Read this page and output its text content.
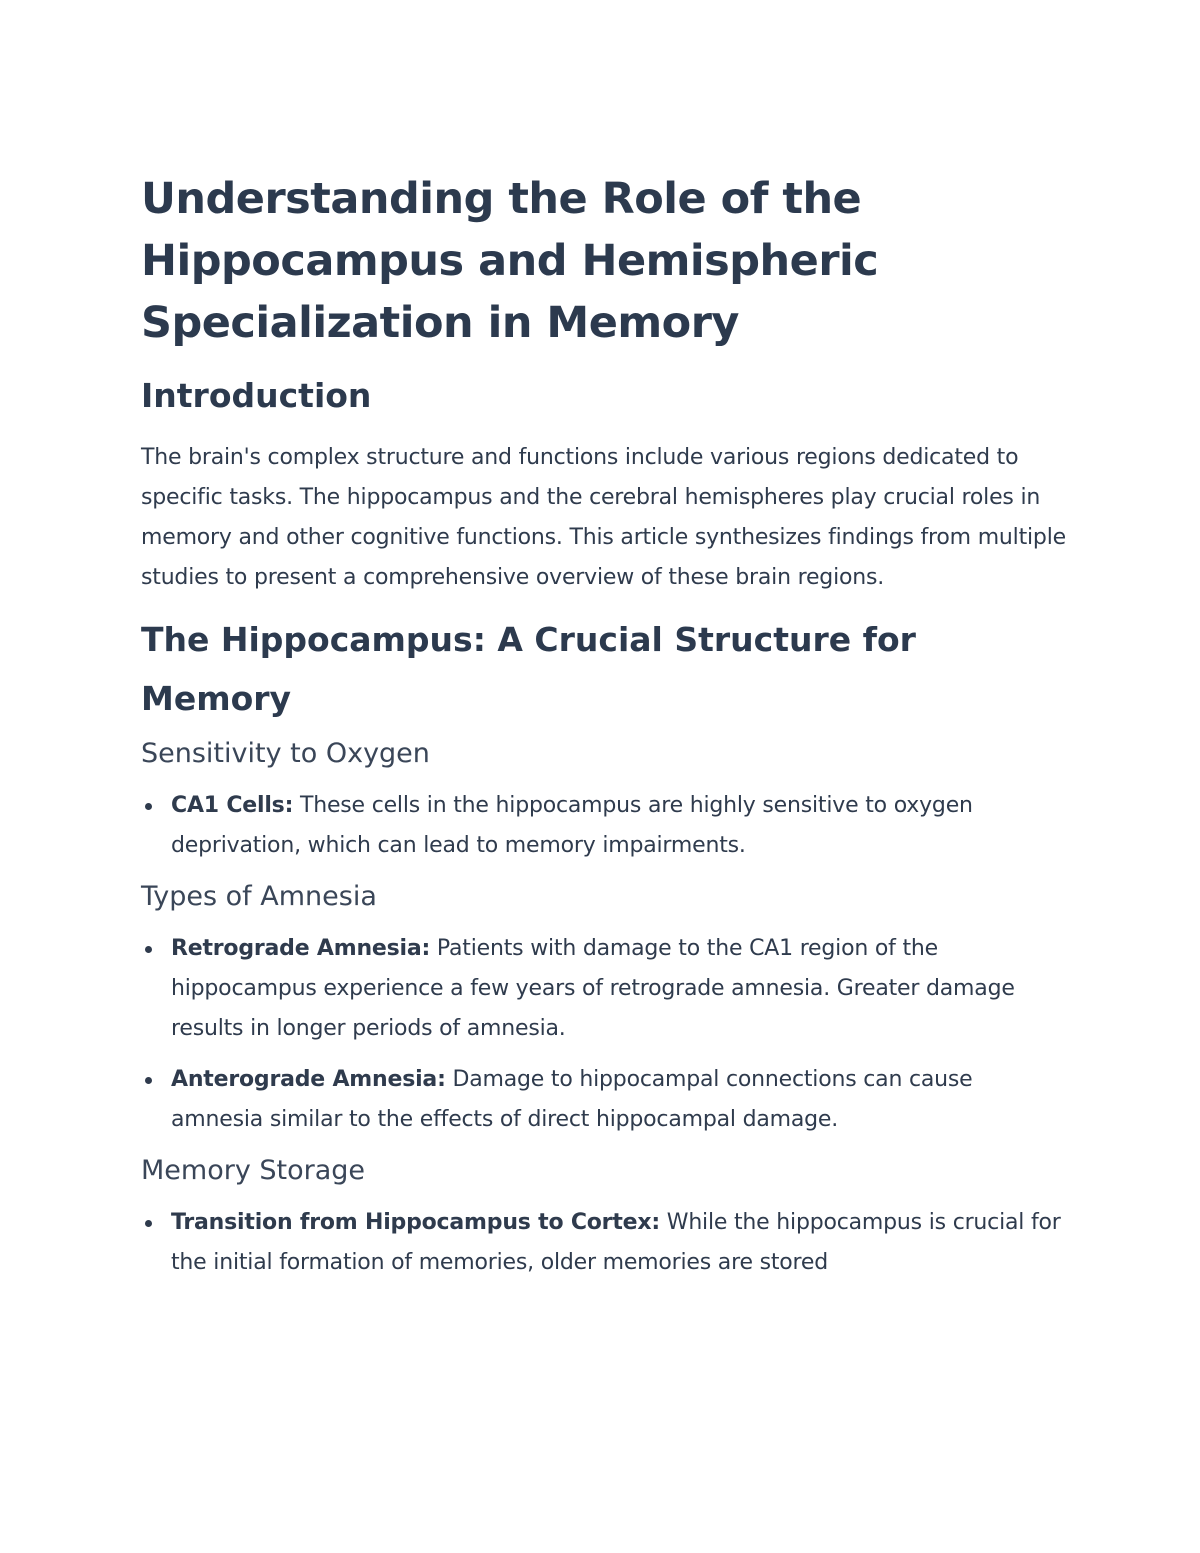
Understanding the Role of the Hippocampus and Hemispheric Specialization in Memory
Introduction

The brain's complex structure and functions include various regions dedicated to specific tasks. The hippocampus and the cerebral hemispheres play crucial roles in memory and other cognitive functions. This article synthesizes findings from multiple studies to present a comprehensive overview of these brain regions.

The Hippocampus: A Crucial Structure for Memory
Sensitivity to Oxygen
CA1 Cells: These cells in the hippocampus are highly sensitive to oxygen deprivation, which can lead to memory impairments.
Types of Amnesia
Retrograde Amnesia: Patients with damage to the CA1 region of the hippocampus experience a few years of retrograde amnesia. Greater damage results in longer periods of amnesia.
Anterograde Amnesia: Damage to hippocampal connections can cause amnesia similar to the effects of direct hippocampal damage.
Memory Storage
Transition from Hippocampus to Cortex: While the hippocampus is crucial for the initial formation of memories, older memories are stored
